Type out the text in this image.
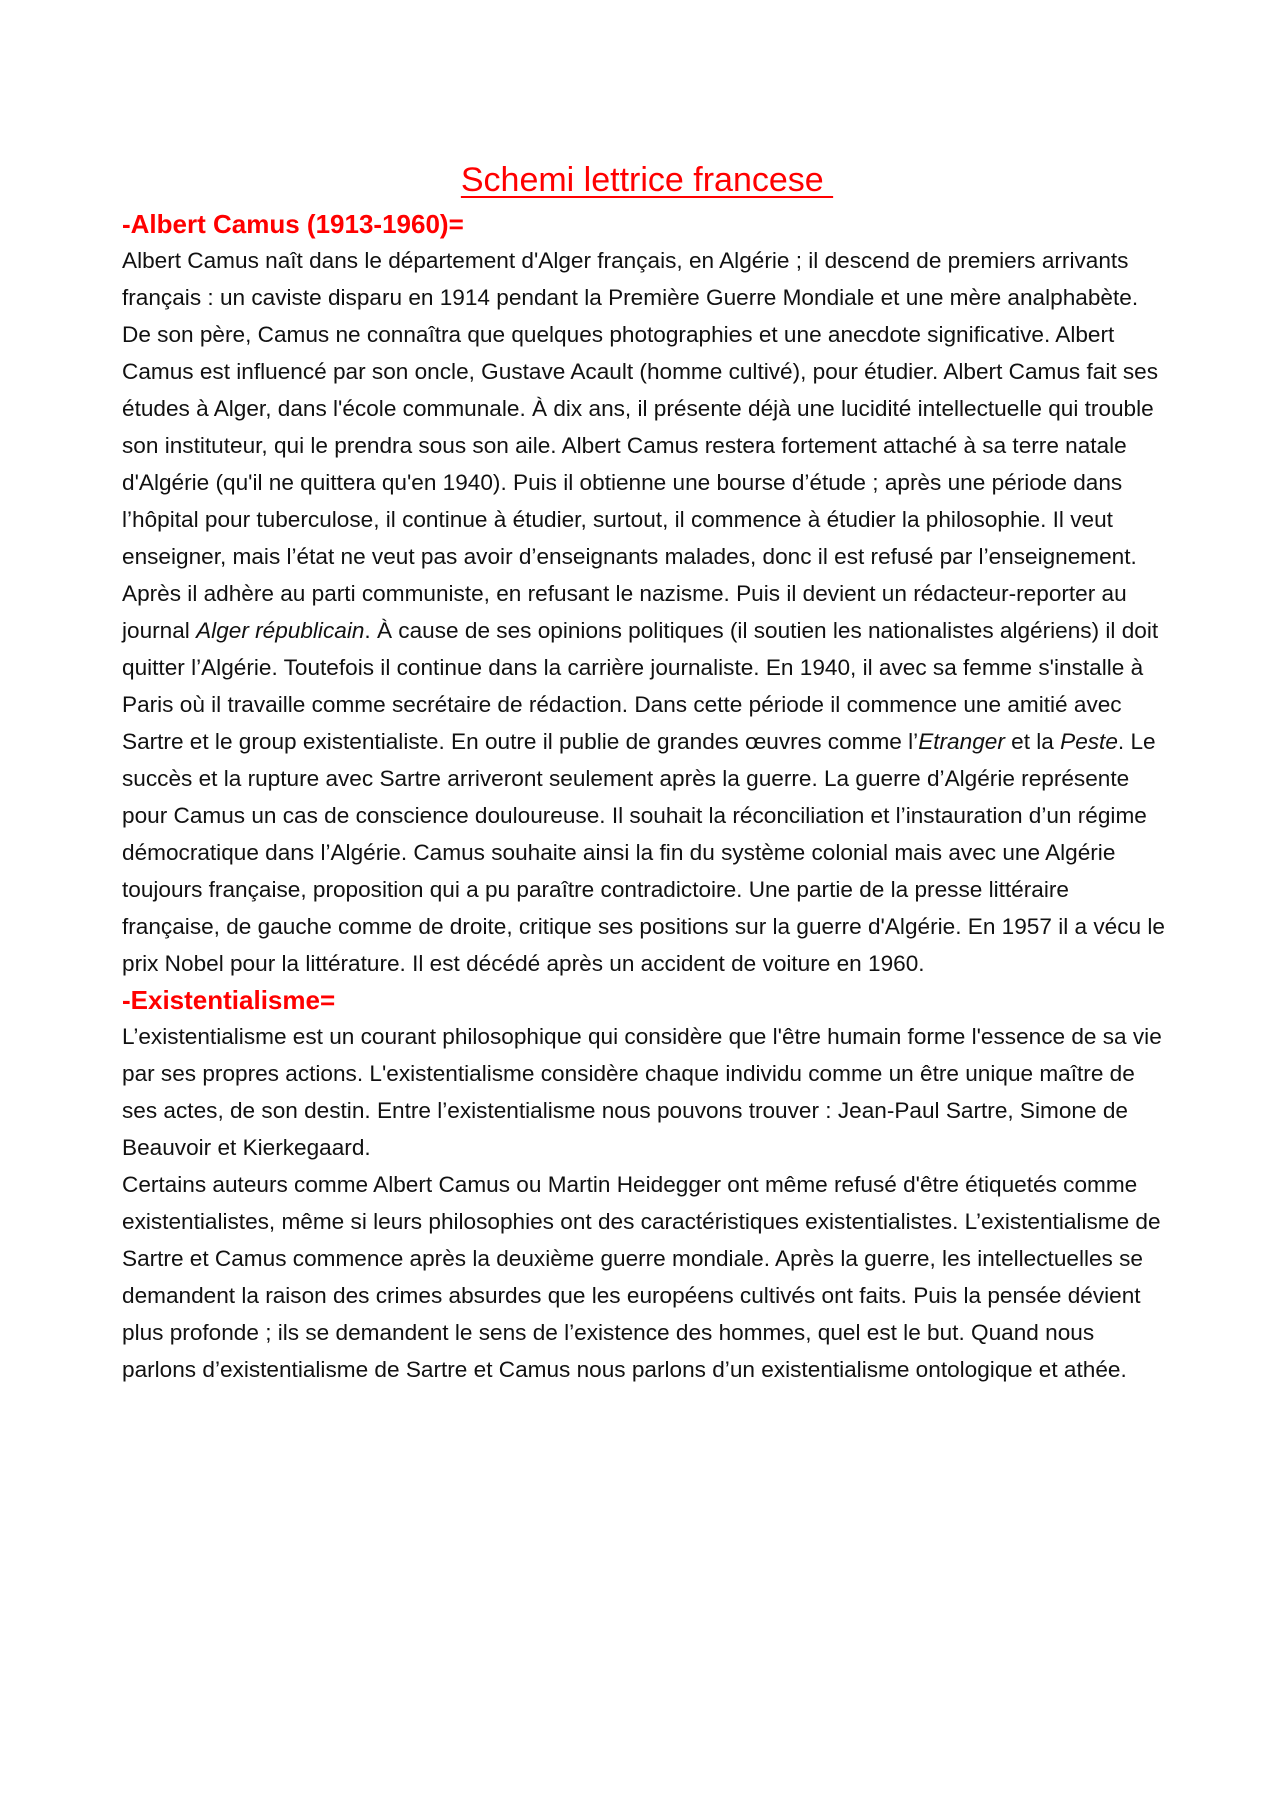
Schemi lettrice francese
-Albert Camus (1913-1960)=

Albert Camus naît dans le département d'Alger français, en Algérie ; il descend de premiers arrivants français : un caviste disparu en 1914 pendant la Première Guerre Mondiale et une mère analphabète. De son père, Camus ne connaîtra que quelques photographies et une anecdote significative. Albert Camus est influencé par son oncle, Gustave Acault (homme cultivé), pour étudier. Albert Camus fait ses études à Alger, dans l'école communale. À dix ans, il présente déjà une lucidité intellectuelle qui trouble son instituteur, qui le prendra sous son aile. Albert Camus restera fortement attaché à sa terre natale d'Algérie (qu'il ne quittera qu'en 1940). Puis il obtienne une bourse d’étude ; après une période dans l’hôpital pour tuberculose, il continue à étudier, surtout, il commence à étudier la philosophie. Il veut enseigner, mais l’état ne veut pas avoir d’enseignants malades, donc il est refusé par l’enseignement. Après il adhère au parti communiste, en refusant le nazisme. Puis il devient un rédacteur-reporter au journal Alger républicain. À cause de ses opinions politiques (il soutien les nationalistes algériens) il doit quitter l’Algérie. Toutefois il continue dans la carrière journaliste. En 1940, il avec sa femme s'installe à Paris où il travaille comme secrétaire de rédaction. Dans cette période il commence une amitié avec Sartre et le group existentialiste. En outre il publie de grandes œuvres comme l’Etranger et la Peste. Le succès et la rupture avec Sartre arriveront seulement après la guerre. La guerre d’Algérie représente pour Camus un cas de conscience douloureuse. Il souhait la réconciliation et l’instauration d’un régime démocratique dans l’Algérie. Camus souhaite ainsi la fin du système colonial mais avec une Algérie toujours française, proposition qui a pu paraître contradictoire. Une partie de la presse littéraire française, de gauche comme de droite, critique ses positions sur la guerre d'Algérie. En 1957 il a vécu le prix Nobel pour la littérature. Il est décédé après un accident de voiture en 1960.

-Existentialisme=

L’existentialisme est un courant philosophique qui considère que l'être humain forme l'essence de sa vie par ses propres actions. L'existentialisme considère chaque individu comme un être unique maître de ses actes, de son destin. Entre l’existentialisme nous pouvons trouver : Jean-Paul Sartre, Simone de Beauvoir et Kierkegaard.

Certains auteurs comme Albert Camus ou Martin Heidegger ont même refusé d'être étiquetés comme existentialistes, même si leurs philosophies ont des caractéristiques existentialistes. L’existentialisme de Sartre et Camus commence après la deuxième guerre mondiale. Après la guerre, les intellectuelles se demandent la raison des crimes absurdes que les européens cultivés ont faits. Puis la pensée dévient plus profonde ; ils se demandent le sens de l’existence des hommes, quel est le but. Quand nous parlons d’existentialisme de Sartre et Camus nous parlons d’un existentialisme ontologique et athée.
